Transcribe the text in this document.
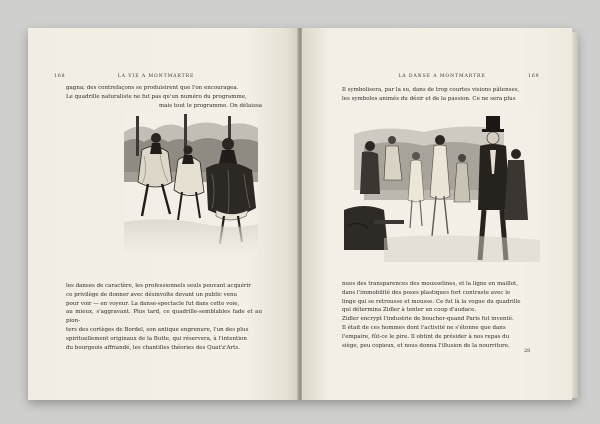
168	LA VIE A MONTMARTRE

gagna; des contrefaçons se produisirent que l'on encouragea.

Le quadrille naturaliste ne fut pas qu'un numéro du programme,

mais tout le programme. On délaissa

les danses de caractère, les professionnels seuls pouvant acquérir

ce privilège de donner avec désinvolte devant un public venu

pour voir — en voyeur. La danse-spectacle fut dans cette voie,

au mieux, s'aggravant. Plus tard, ce quadrille-semblables fade et au pion-

ters des cortèges de Bordel, son antique engrenure, l'un des plus

spirituellement originaux de la Butte, qui réservera, à l'intention

du bourgeois affriandé, les chantilles théories des Quat'z'Arts.

LA DANSE A MONTMARTRE	169

Il symbolisera, par la su, dans de trop courtes visions pâtenses,

les symboles animés du désir et de la passion. Ce ne sera plus

nues des transparences des mousselines, et la ligne en maillot,

dans l'immobilité des poses plastiques fort contraste avec le

linge qui se retrousse et mousse. Ce fut là la vogue du quadrille

qui détermina Zidler à tenter un coup d'audace.

Zidler encrypt l'industrie de boucher-quand Paris fut inventé.

Il était de ces hommes dont l'activité ne s'étonne que dans

l'empaire, fût-ce le pire. Il obtint de présider à nos repas du

siège, peu copieux, et nous donna l'illusion de la nourriture.

28
